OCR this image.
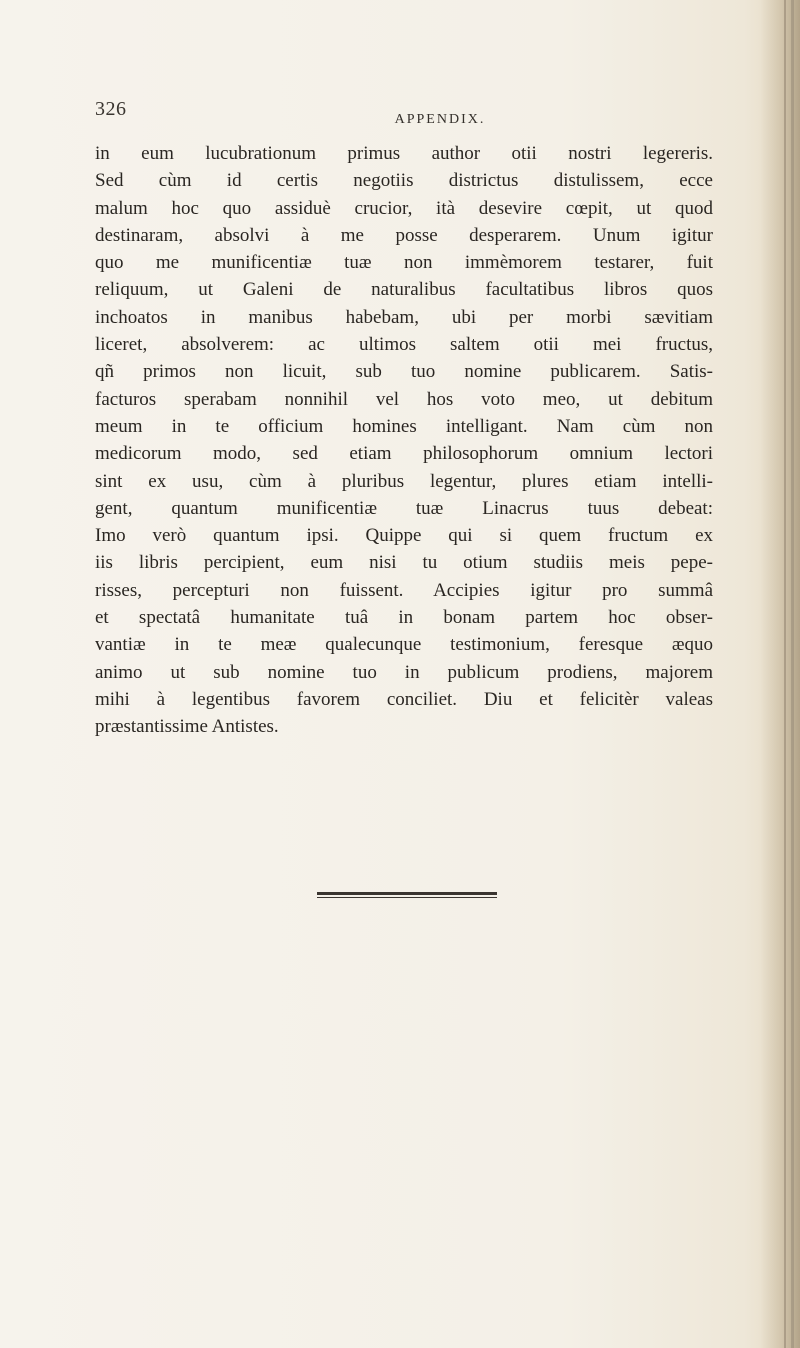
326	APPENDIX.
in eum lucubrationum primus author otii nostri legereris.
Sed cùm id certis negotiis districtus distulissem, ecce
malum hoc quo assiduè crucior, ità desevire cœpit, ut quod
destinaram, absolvi à me posse desperarem. Unum igitur
quo me munificentiæ tuæ non immèmorem testarer, fuit
reliquum, ut Galeni de naturalibus facultatibus libros quos
inchoatos in manibus habebam, ubi per morbi sævitiam
liceret, absolverem: ac ultimos saltem otii mei fructus,
qñ primos non licuit, sub tuo nomine publicarem. Satis-
facturos sperabam nonnihil vel hos voto meo, ut debitum
meum in te officium homines intelligant. Nam cùm non
medicorum modo, sed etiam philosophorum omnium lectori
sint ex usu, cùm à pluribus legentur, plures etiam intelli-
gent, quantum munificentiæ tuæ Linacrus tuus debeat:
Imo verò quantum ipsi. Quippe qui si quem fructum ex
iis libris percipient, eum nisi tu otium studiis meis pepe-
risses, percepturi non fuissent. Accipies igitur pro summâ
et spectatâ humanitate tuâ in bonam partem hoc obser-
vantiæ in te meæ qualecunque testimonium, feresque æquo
animo ut sub nomine tuo in publicum prodiens, majorem
mihi à legentibus favorem conciliet. Diu et felicitèr valeas
præstantissime Antistes.
